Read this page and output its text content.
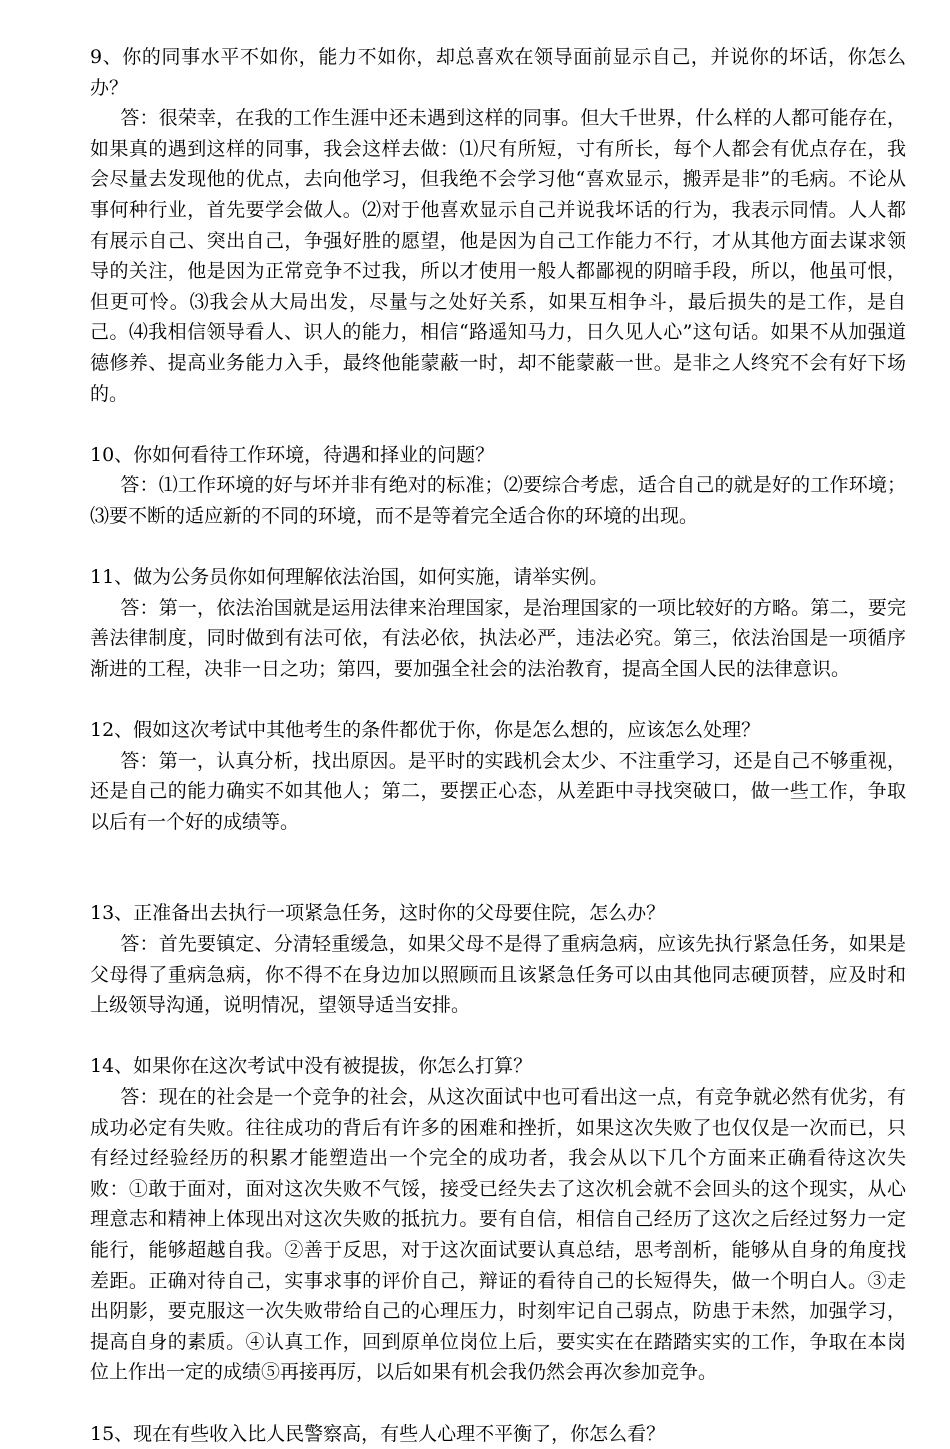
9、你的同事水平不如你，能力不如你，却总喜欢在领导面前显示自己，并说你的坏话，你怎么办？

答：很荣幸，在我的工作生涯中还未遇到这样的同事。但大千世界，什么样的人都可能存在，如果真的遇到这样的同事，我会这样去做：⑴尺有所短，寸有所长，每个人都会有优点存在，我会尽量去发现他的优点，去向他学习，但我绝不会学习他“喜欢显示，搬弄是非”的毛病。不论从事何种行业，首先要学会做人。⑵对于他喜欢显示自己并说我坏话的行为，我表示同情。人人都有展示自己、突出自己，争强好胜的愿望，他是因为自己工作能力不行，才从其他方面去谋求领导的关注，他是因为正常竞争不过我，所以才使用一般人都鄙视的阴暗手段，所以，他虽可恨，但更可怜。⑶我会从大局出发，尽量与之处好关系，如果互相争斗，最后损失的是工作，是自己。⑷我相信领导看人、识人的能力，相信“路遥知马力，日久见人心”这句话。如果不从加强道德修养、提高业务能力入手，最终他能蒙蔽一时，却不能蒙蔽一世。是非之人终究不会有好下场的。

10、你如何看待工作环境，待遇和择业的问题？

答：⑴工作环境的好与坏并非有绝对的标准；⑵要综合考虑，适合自己的就是好的工作环境；⑶要不断的适应新的不同的环境，而不是等着完全适合你的环境的出现。

11、做为公务员你如何理解依法治国，如何实施，请举实例。

答：第一，依法治国就是运用法律来治理国家，是治理国家的一项比较好的方略。第二，要完善法律制度，同时做到有法可依，有法必依，执法必严，违法必究。第三，依法治国是一项循序渐进的工程，决非一日之功；第四，要加强全社会的法治教育，提高全国人民的法律意识。

12、假如这次考试中其他考生的条件都优于你，你是怎么想的，应该怎么处理？

答：第一，认真分析，找出原因。是平时的实践机会太少、不注重学习，还是自己不够重视，还是自己的能力确实不如其他人；第二，要摆正心态，从差距中寻找突破口，做一些工作，争取以后有一个好的成绩等。

13、正准备出去执行一项紧急任务，这时你的父母要住院，怎么办？

答：首先要镇定、分清轻重缓急，如果父母不是得了重病急病，应该先执行紧急任务，如果是父母得了重病急病，你不得不在身边加以照顾而且该紧急任务可以由其他同志硬顶替，应及时和上级领导沟通，说明情况，望领导适当安排。

14、如果你在这次考试中没有被提拔，你怎么打算？

答：现在的社会是一个竞争的社会，从这次面试中也可看出这一点，有竞争就必然有优劣，有成功必定有失败。往往成功的背后有许多的困难和挫折，如果这次失败了也仅仅是一次而已，只有经过经验经历的积累才能塑造出一个完全的成功者，我会从以下几个方面来正确看待这次失败：①敢于面对，面对这次失败不气馁，接受已经失去了这次机会就不会回头的这个现实，从心理意志和精神上体现出对这次失败的抵抗力。要有自信，相信自己经历了这次之后经过努力一定能行，能够超越自我。②善于反思，对于这次面试要认真总结，思考剖析，能够从自身的角度找差距。正确对待自己，实事求事的评价自己，辩证的看待自己的长短得失，做一个明白人。③走出阴影，要克服这一次失败带给自己的心理压力，时刻牢记自己弱点，防患于未然，加强学习，提高自身的素质。④认真工作，回到原单位岗位上后，要实实在在踏踏实实的工作，争取在本岗位上作出一定的成绩⑤再接再厉，以后如果有机会我仍然会再次参加竞争。

15、现在有些收入比人民警察高，有些人心理不平衡了，你怎么看？
